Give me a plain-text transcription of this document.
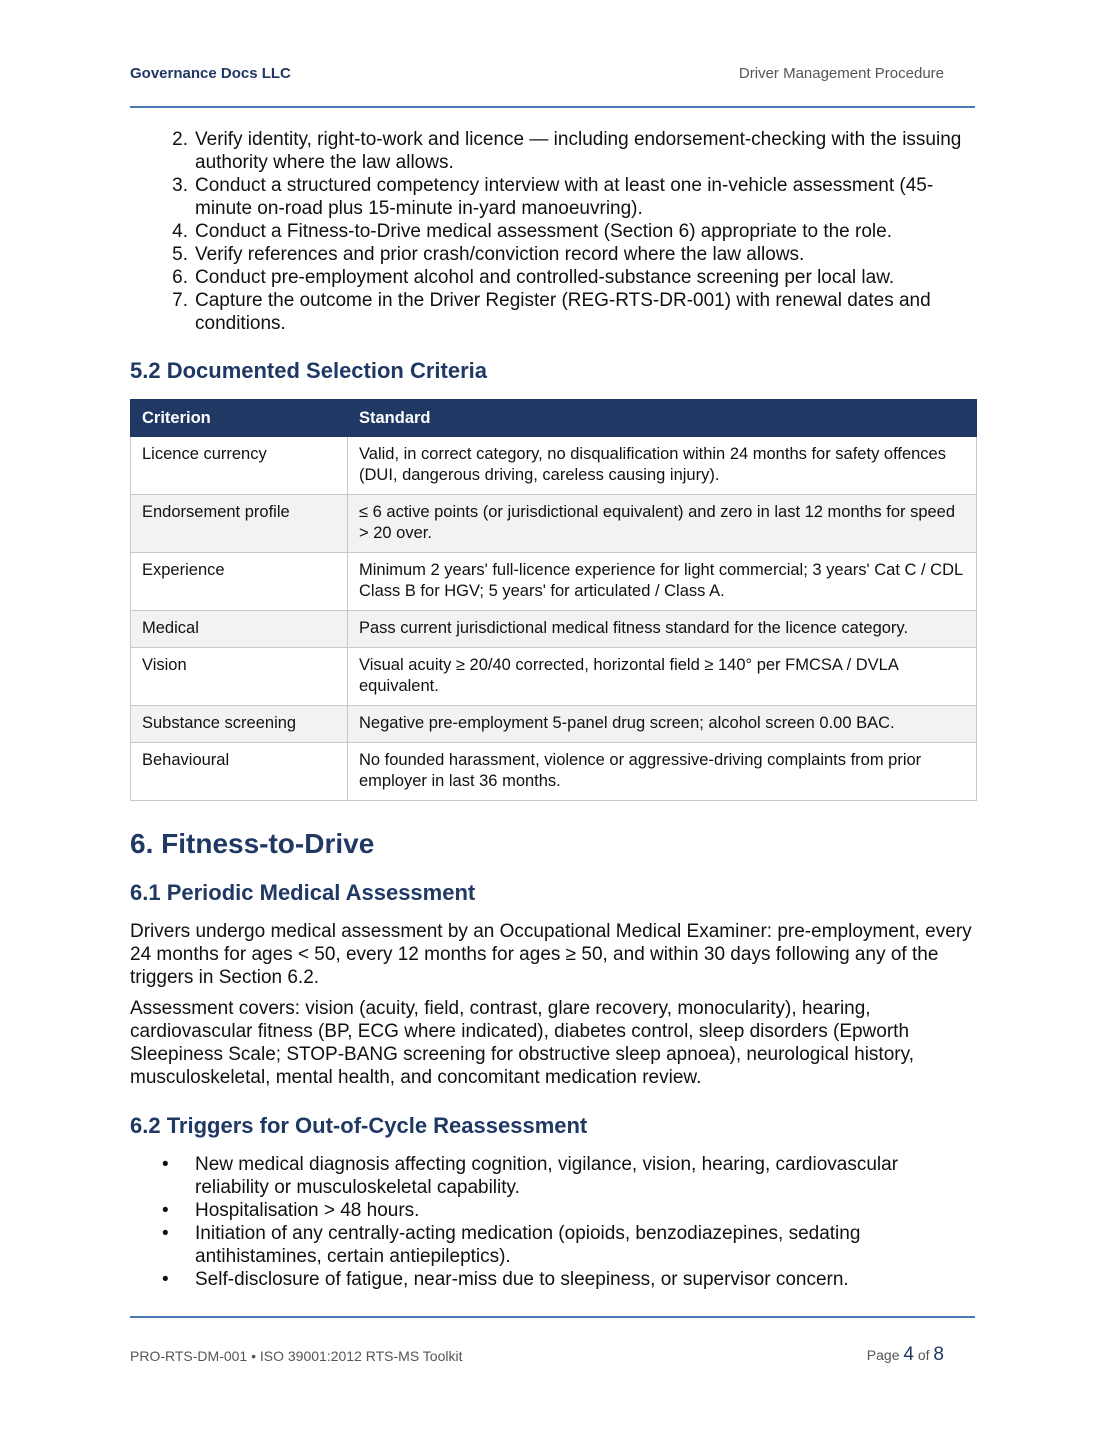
Governance Docs LLC	Driver Management Procedure
2. Verify identity, right-to-work and licence — including endorsement-checking with the issuing authority where the law allows.
3. Conduct a structured competency interview with at least one in-vehicle assessment (45-minute on-road plus 15-minute in-yard manoeuvring).
4. Conduct a Fitness-to-Drive medical assessment (Section 6) appropriate to the role.
5. Verify references and prior crash/conviction record where the law allows.
6. Conduct pre-employment alcohol and controlled-substance screening per local law.
7. Capture the outcome in the Driver Register (REG-RTS-DR-001) with renewal dates and conditions.
5.2 Documented Selection Criteria
Criterion	Standard
Licence currency	Valid, in correct category, no disqualification within 24 months for safety offences (DUI, dangerous driving, careless causing injury).
Endorsement profile	≤ 6 active points (or jurisdictional equivalent) and zero in last 12 months for speed > 20 over.
Experience	Minimum 2 years' full-licence experience for light commercial; 3 years' Cat C / CDL Class B for HGV; 5 years' for articulated / Class A.
Medical	Pass current jurisdictional medical fitness standard for the licence category.
Vision	Visual acuity ≥ 20/40 corrected, horizontal field ≥ 140° per FMCSA / DVLA equivalent.
Substance screening	Negative pre-employment 5-panel drug screen; alcohol screen 0.00 BAC.
Behavioural	No founded harassment, violence or aggressive-driving complaints from prior employer in last 36 months.
6. Fitness-to-Drive
6.1 Periodic Medical Assessment

Drivers undergo medical assessment by an Occupational Medical Examiner: pre-employment, every 24 months for ages < 50, every 12 months for ages ≥ 50, and within 30 days following any of the triggers in Section 6.2.

Assessment covers: vision (acuity, field, contrast, glare recovery, monocularity), hearing, cardiovascular fitness (BP, ECG where indicated), diabetes control, sleep disorders (Epworth Sleepiness Scale; STOP-BANG screening for obstructive sleep apnoea), neurological history, musculoskeletal, mental health, and concomitant medication review.

6.2 Triggers for Out-of-Cycle Reassessment
• New medical diagnosis affecting cognition, vigilance, vision, hearing, cardiovascular reliability or musculoskeletal capability.
• Hospitalisation > 48 hours.
• Initiation of any centrally-acting medication (opioids, benzodiazepines, sedating antihistamines, certain antiepileptics).
• Self-disclosure of fatigue, near-miss due to sleepiness, or supervisor concern.
PRO-RTS-DM-001 • ISO 39001:2012 RTS-MS Toolkit	Page 4 of 8
